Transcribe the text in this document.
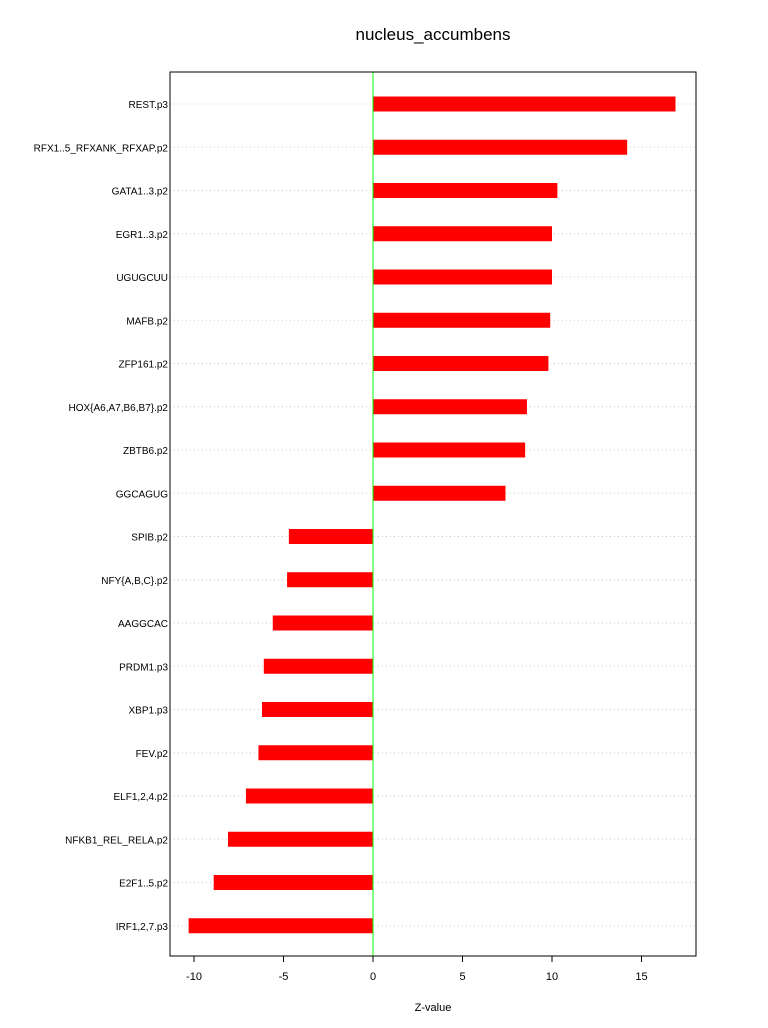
nucleus_accumbens
REST.p3
RFX1..5_RFXANK_RFXAP.p2
GATA1..3.p2
EGR1..3.p2
UGUGCUU
MAFB.p2
ZFP161.p2
HOX{A6,A7,B6,B7}.p2
ZBTB6.p2
GGCAGUG
SPIB.p2
NFY{A,B,C}.p2
AAGGCAC
PRDM1.p3
XBP1.p3
FEV.p2
ELF1,2,4.p2
NFKB1_REL_RELA.p2
E2F1..5.p2
IRF1,2,7.p3
-10	-5	0	5	10	15
Z-value
